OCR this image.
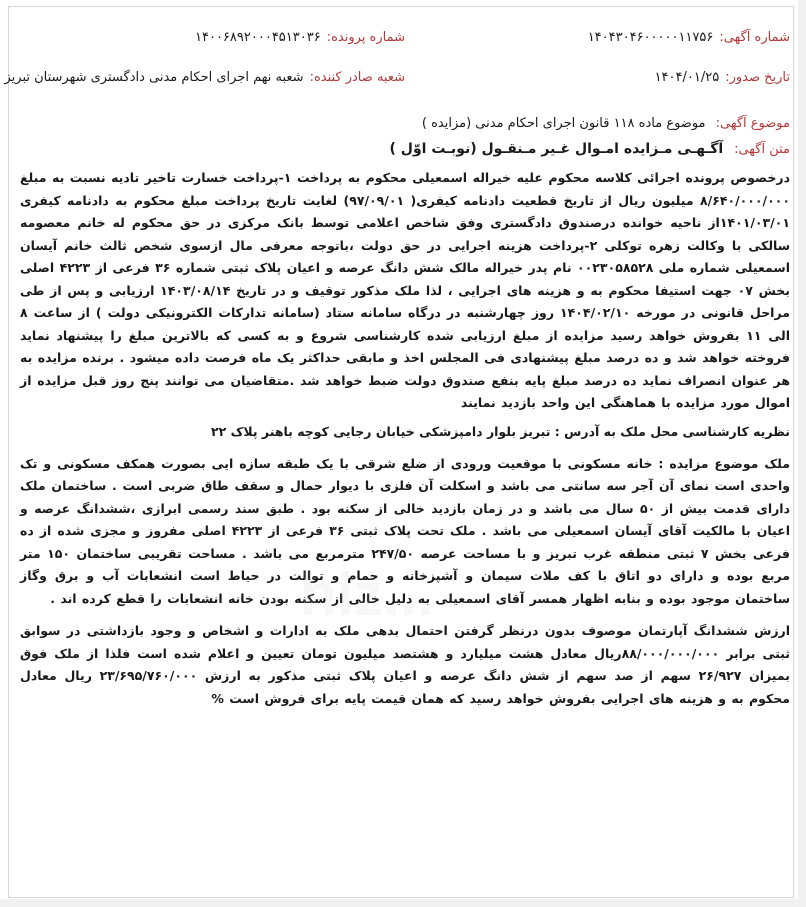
شماره آگهی:
۱۴۰۴۳۰۴۶۰۰۰۰۰۱۱۷۵۶
شماره پرونده:
۱۴۰۰۶۸۹۲۰۰۰۴۵۱۳۰۳۶
تاریخ صدور:
۱۴۰۴/۰۱/۲۵
شعبه صادر کننده:
شعبه نهم اجرای احکام مدنی دادگستری شهرستان تبریز
موضوع آگهی: موضوع ماده ۱۱۸ قانون اجرای احکام مدنی (مزایده )
متن آگهی: آگـهـی مـزایده امـوال غـیر مـنقـول (نوبـت اوّل )
درخصوص پرونده اجرائی کلاسه محکوم علیه خیراله اسمعیلی محکوم به پرداخت ۱-پرداخت خسارت تاخیر تادیه نسبت به مبلغ ۸/۶۴۰/۰۰۰/۰۰۰ میلیون ریال از تاریخ قطعیت دادنامه کیفری( ۹۷/۰۹/۰۱) لغایت تاریخ پرداخت مبلغ محکوم به دادنامه کیفری ۱۴۰۱/۰۳/۰۱از ناحیه خوانده درصندوق دادگستری وفق شاخص اعلامی توسط بانک مرکزی در حق محکوم له خانم معصومه سالکی با وکالت زهره توکلی ۲-پرداخت هزینه اجرایی در حق دولت ،باتوجه معرفی مال ازسوی شخص ثالث خانم آیسان اسمعیلی شماره ملی ۰۰۲۳۰۵۸۵۲۸ نام پدر خیراله مالک شش دانگ عرصه و اعیان پلاک ثبتی شماره ۳۶ فرعی از ۴۲۲۳ اصلی بخش ۰۷ جهت استیفا محکوم به و هزینه های اجرایی ، لذا ملک مذکور توقیف و در تاریخ ۱۴۰۳/۰۸/۱۴ ارزیابی و پس از طی مراحل قانونی در مورخه ۱۴۰۴/۰۲/۱۰ روز چهارشنبه در درگاه سامانه ستاد (سامانه تدارکات الکترونیکی دولت ) از ساعت ۸ الی ۱۱ بفروش خواهد رسید مزایده از مبلغ ارزیابی شده کارشناسی شروع و به کسی که بالاترین مبلغ را پیشنهاد نماید فروخته خواهد شد و ده درصد مبلغ پیشنهادی فی المجلس اخذ و مابقی حداکثر یک ماه فرصت داده میشود . برنده مزایده به هر عنوان انصراف نماید ده درصد مبلغ پایه بنفع صندوق دولت ضبط خواهد شد .متقاضیان می توانند پنج روز قبل مزایده از اموال مورد مزایده با هماهنگی این واحد بازدید نمایند
نظریه کارشناسی محل ملک به آدرس : تبریز بلوار دامپزشکی خیابان رجایی کوچه باهنر پلاک ۲۲
ملک موضوع مزایده : خانه مسکونی با موقعیت ورودی از ضلع شرقی با یک طبقه سازه ایی بصورت همکف مسکونی و تک واحدی است نمای آن آجر سه سانتی می باشد و اسکلت آن فلزی با دیوار حمال و سقف طاق ضربی است . ساختمان ملک دارای قدمت بیش از ۵۰ سال می باشد و در زمان بازدید خالی از سکنه بود . طبق سند رسمی ابرازی ،ششدانگ عرصه و اعیان با مالکیت آقای آیسان اسمعیلی می باشد . ملک تحت پلاک ثبتی ۳۶ فرعی از ۴۲۲۳ اصلی مفروز و مجزی شده از ده فرعی بخش ۷ ثبتی منطقه غرب تبریز و با مساحت عرصه ۲۴۷/۵۰ مترمربع می باشد . مساحت تقریبی ساختمان ۱۵۰ متر مربع بوده و دارای دو اتاق با کف ملات سیمان و آشپزخانه و حمام و توالت در حیاط است انشعابات آب و برق وگاز ساختمان موجود بوده و بنابه اظهار همسر آقای اسمعیلی به دلیل خالی از سکنه بودن خانه انشعابات را قطع کرده اند .
ارزش ششدانگ آپارتمان موصوف بدون درنظر گرفتن احتمال بدهی ملک به ادارات و اشخاص و وجود بازداشتی در سوابق ثبتی برابر ۸۸/۰۰۰/۰۰۰/۰۰۰ریال معادل هشت میلیارد و هشتصد میلیون تومان تعیین و اعلام شده است فلذا از ملک فوق بمیزان ۲۶/۹۲۷ سهم از صد سهم از شش دانگ عرصه و اعیان پلاک ثبتی مذکور به ارزش ۲۳/۶۹۵/۷۶۰/۰۰۰ ریال معادل محکوم به و هزینه های اجرایی بفروش خواهد رسید که همان قیمت پایه برای فروش است %
hiz...
